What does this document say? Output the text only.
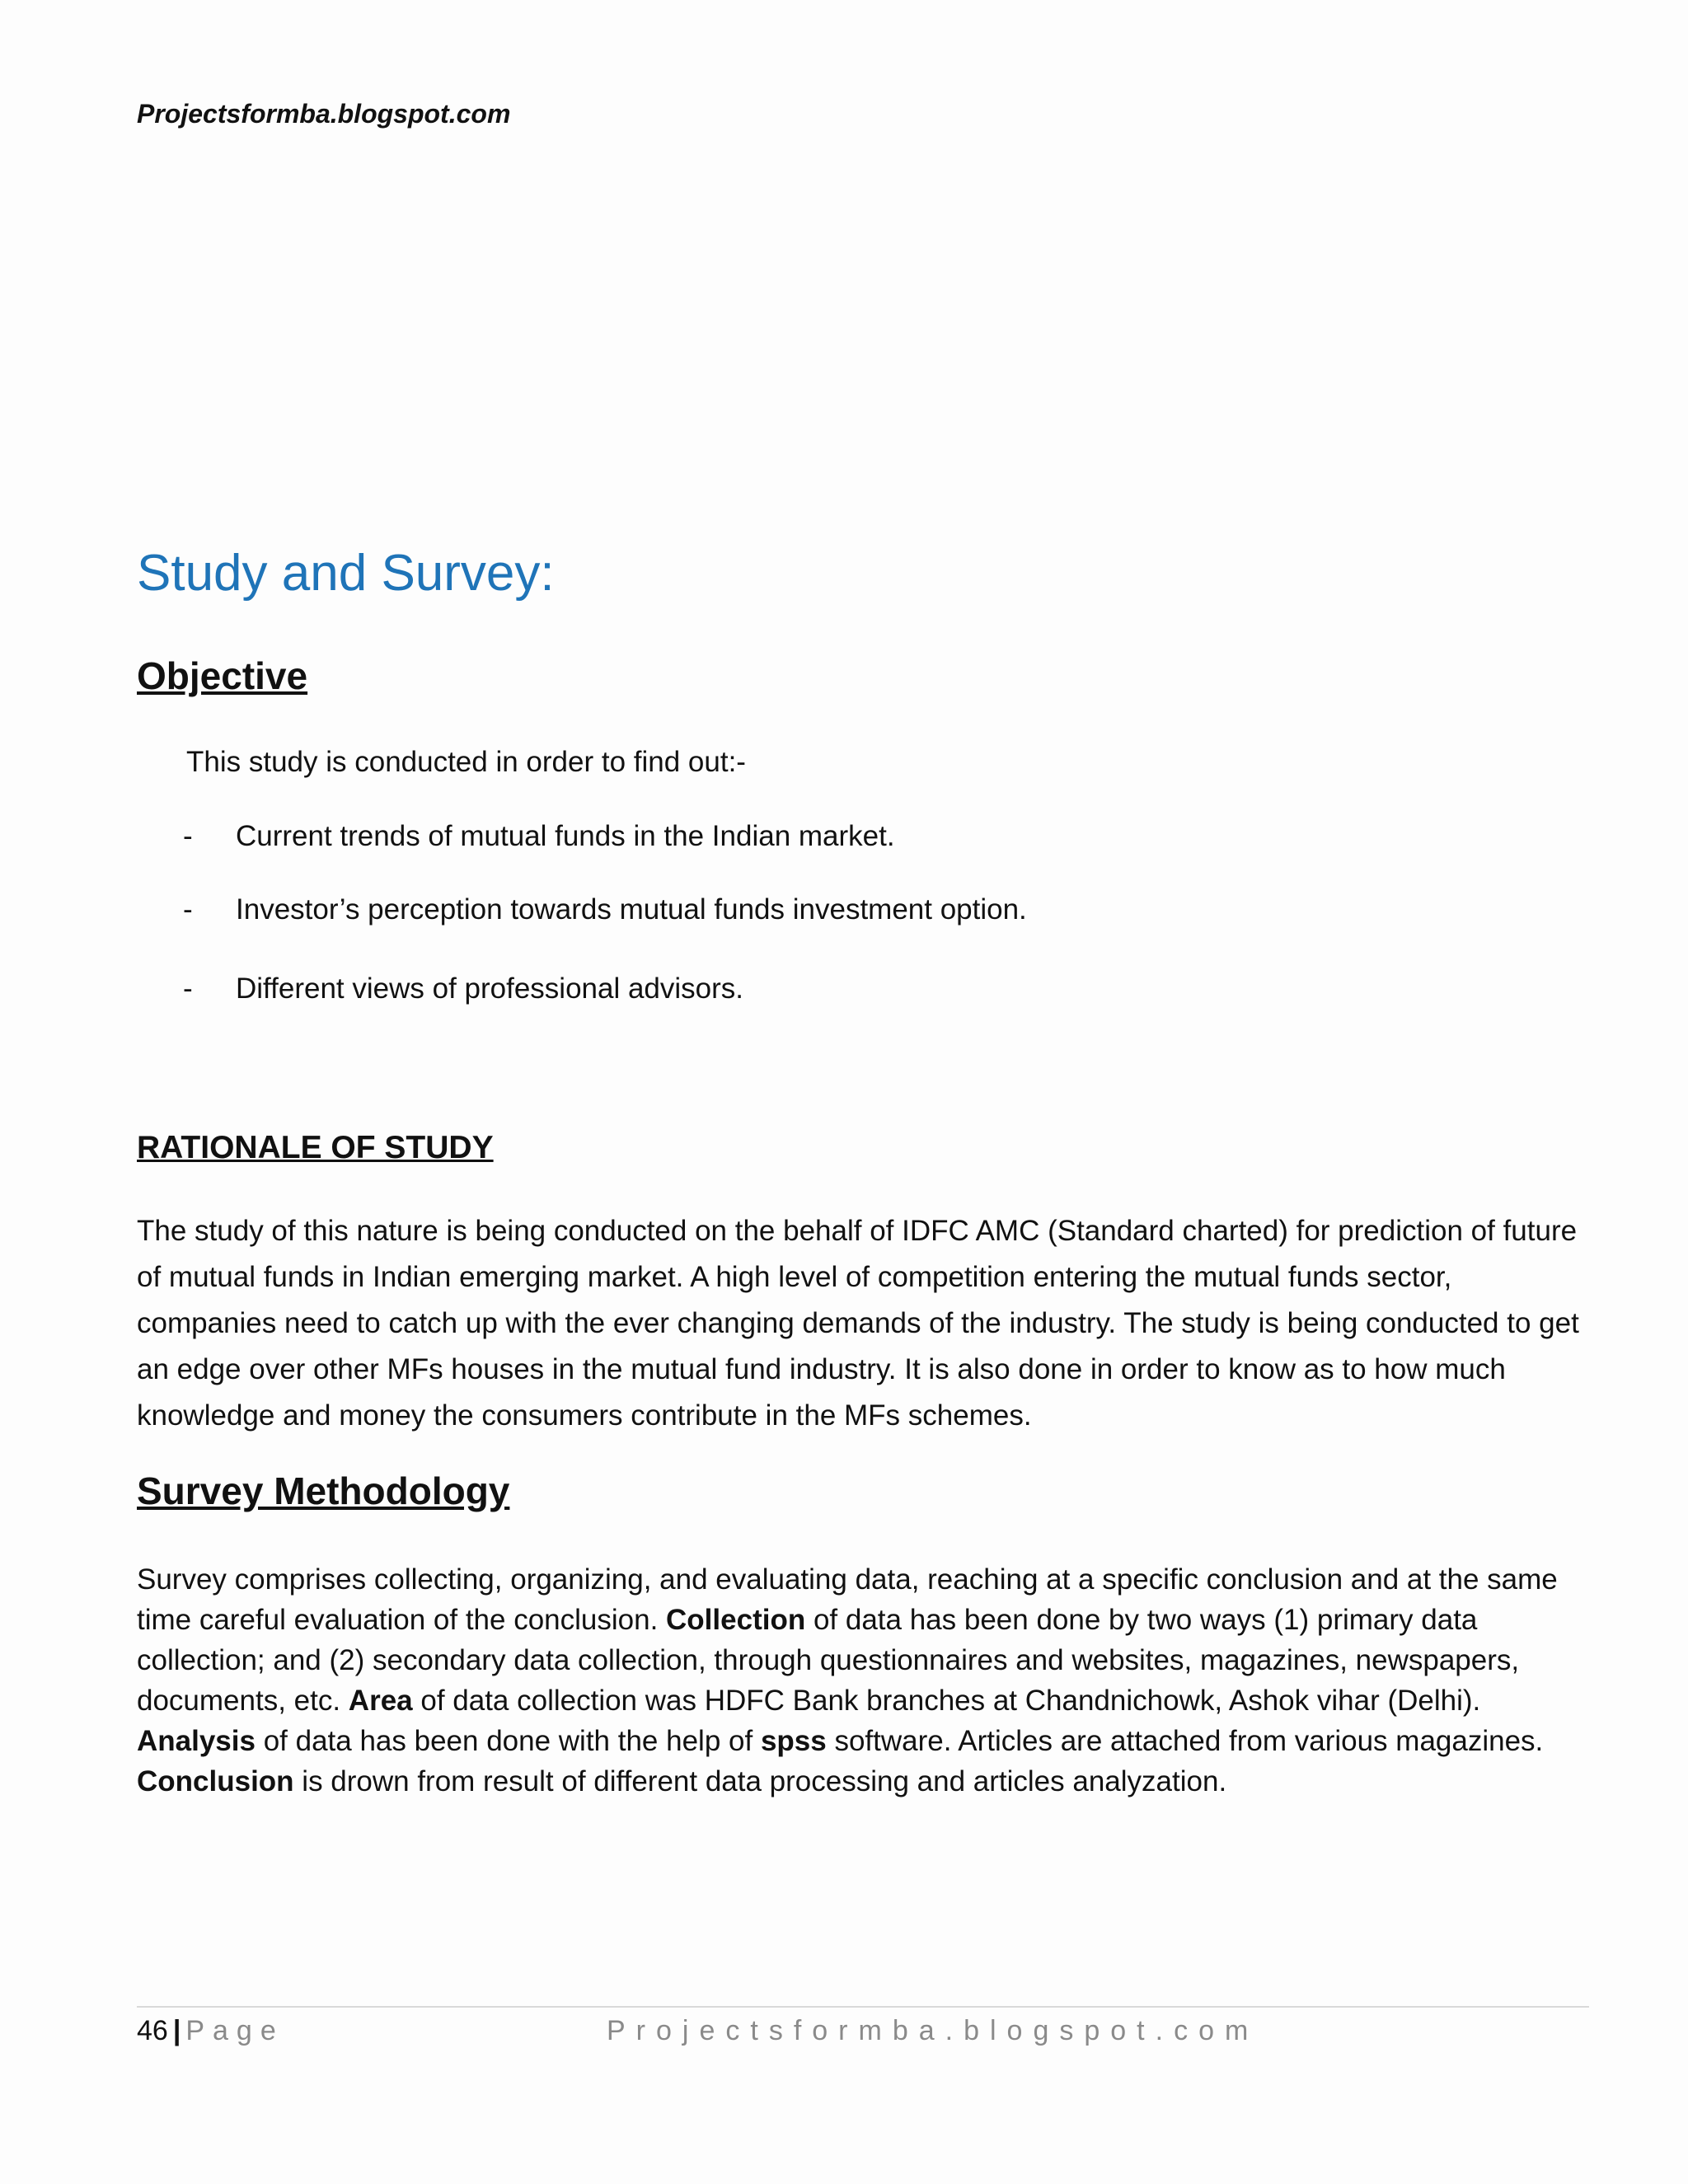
Projectsformba.blogspot.com
Study and Survey:
Objective
This study is conducted in order to find out:-
-	Current trends of mutual funds in the Indian market.
-	Investor’s perception towards mutual funds investment option.
-	Different views of professional advisors.
RATIONALE OF STUDY

The study of this nature is being conducted on the behalf of IDFC AMC (Standard charted) for prediction of future of mutual funds in Indian emerging market. A high level of competition entering the mutual funds sector, companies need to catch up with the ever changing demands of the industry. The study is being conducted to get an edge over other MFs houses in the mutual fund industry. It is also done in order to know as to how much knowledge and money the consumers contribute in the MFs schemes.

Survey Methodology

Survey comprises collecting, organizing, and evaluating data, reaching at a specific conclusion and at the same time careful evaluation of the conclusion. Collection of data has been done by two ways (1) primary data collection; and (2) secondary data collection, through questionnaires and websites, magazines, newspapers, documents, etc. Area of data collection was HDFC Bank branches at Chandnichowk, Ashok vihar (Delhi). Analysis of data has been done with the help of spss software. Articles are attached from various magazines. Conclusion is drown from result of different data processing and articles analyzation.

46 | Page	Projectsformba.blogspot.com
